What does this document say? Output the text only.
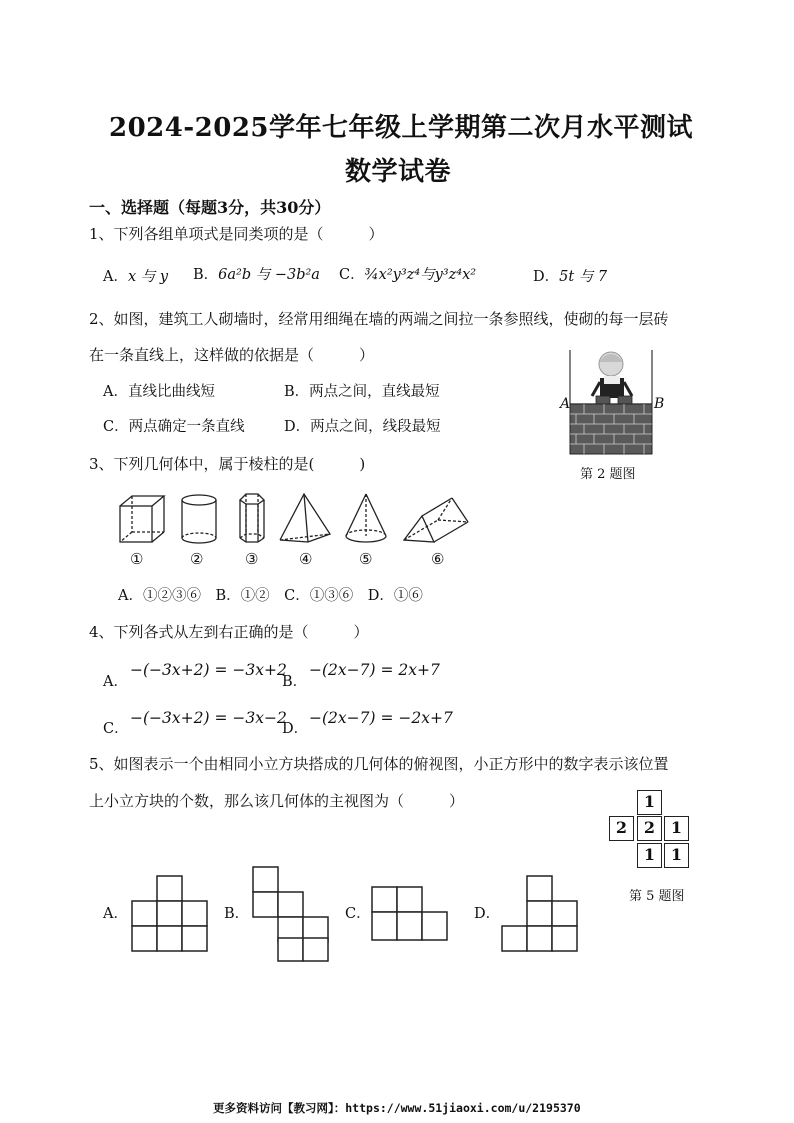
2024-2025学年七年级上学期第二次月水平测试
数学试卷
一、选择题（每题3分，共30分）
1、下列各组单项式是同类项的是（　　　）
A．x 与 y B．6a²b 与 −3b²a C．¾x²y³z⁴与y³z⁴x²	D．5t 与 7
2、如图，建筑工人砌墙时，经常用细绳在墙的两端之间拉一条参照线，使砌的每一层砖
在一条直线上，这样做的依据是（　　　）
A．直线比曲线短	B．两点之间，直线最短
C．两点确定一条直线	D．两点之间，线段最短
A	B
第 2 题图
3、下列几何体中，属于棱柱的是(　　　)
①	②	③	④	⑤	⑥
A．①②③⑥　B．①②　C．①③⑥　D．①⑥
4、下列各式从左到右正确的是（　　　）
A．
−(−3x+2) = −3x+2
B．
−(2x−7) = 2x+7
C．
−(−3x+2) = −3x−2
D．
−(2x−7) = −2x+7
5、如图表示一个由相同小立方块搭成的几何体的俯视图，小正方形中的数字表示该位置
上小立方块的个数，那么该几何体的主视图为（　　　）	1
2	2 1
1 1
第 5 题图
A．	B．	C．	D．
更多资料访问【教习网】：https://www.51jiaoxi.com/u/2195370
